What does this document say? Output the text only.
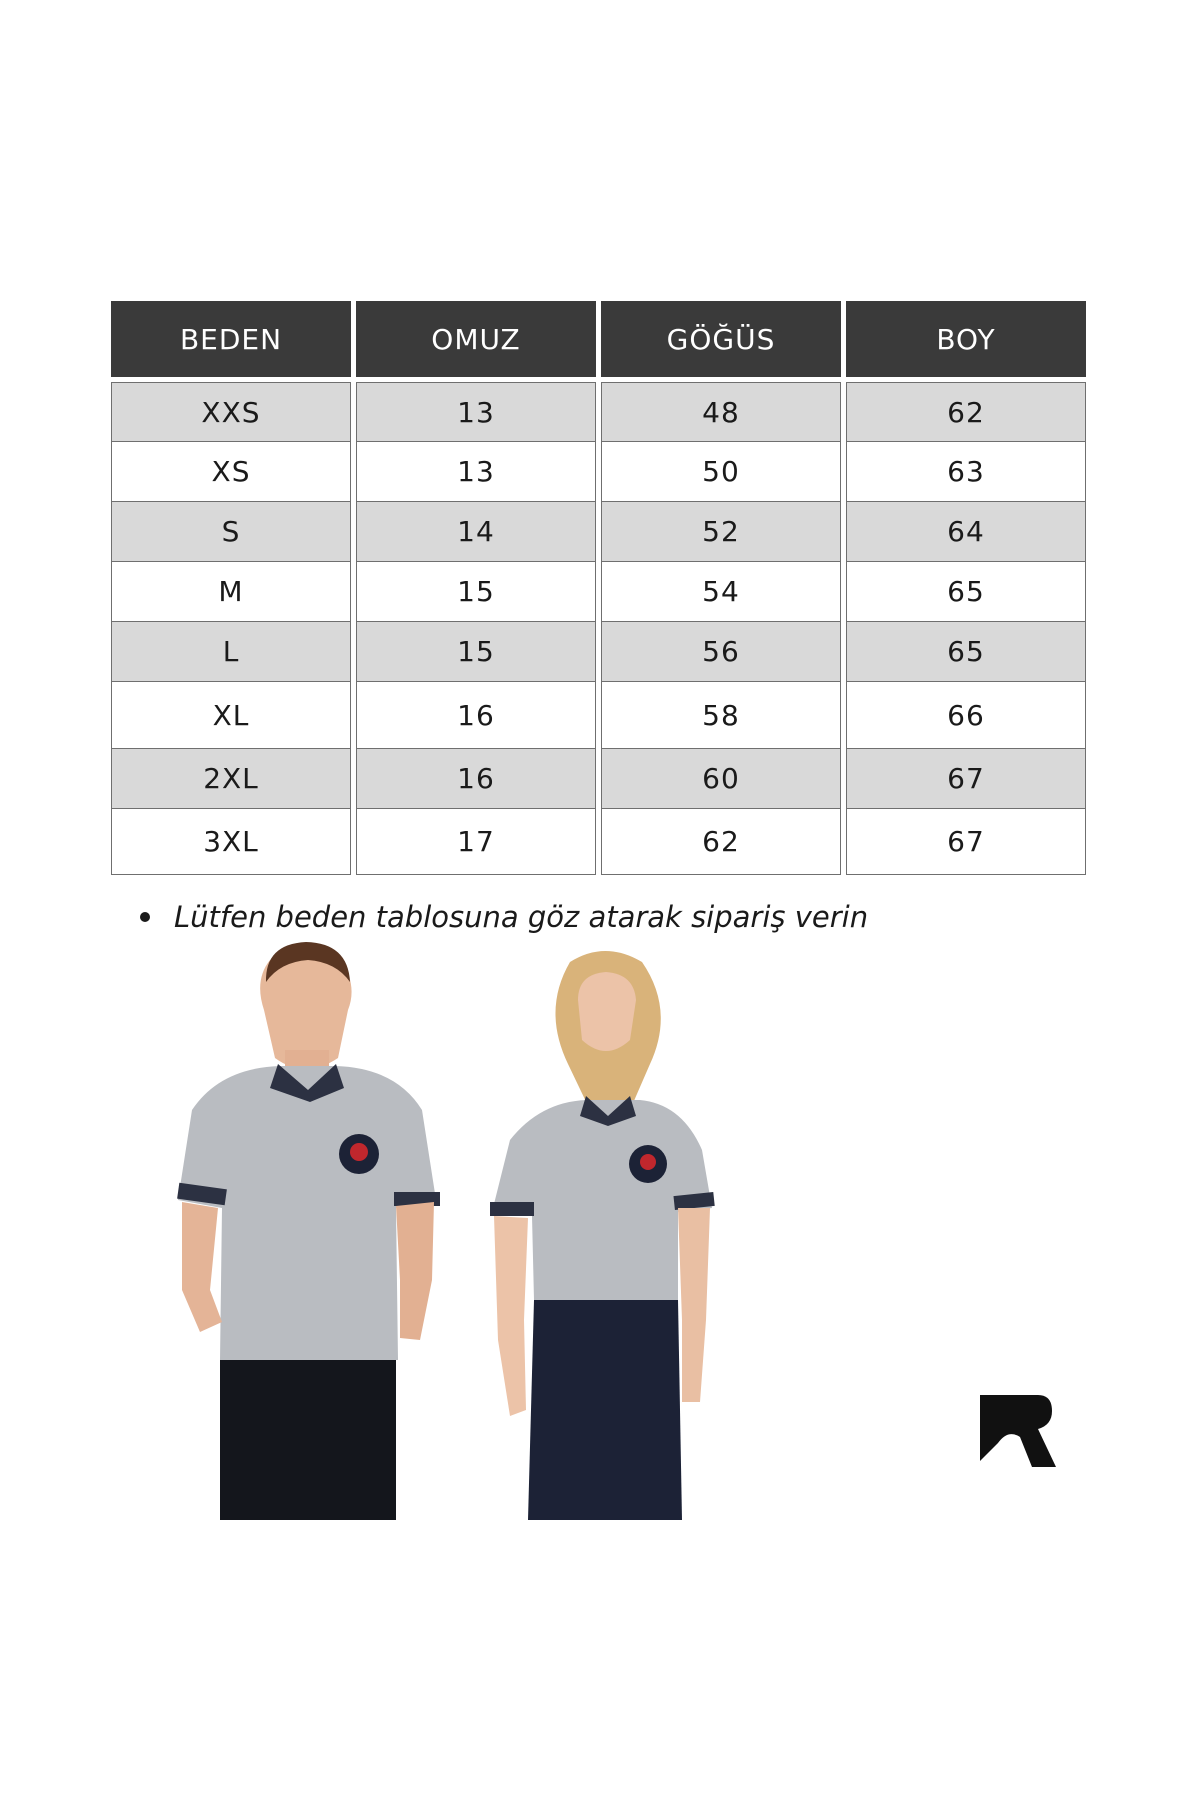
BEDEN	OMUZ	GÖĞÜS	BOY
XXS	13	48	62
XS	13	50	63
S	14	52	64
M	15	54	65
L	15	56	65
XL	16	58	66
2XL	16	60	67
3XL	17	62	67
Lütfen beden tablosuna göz atarak sipariş verin
